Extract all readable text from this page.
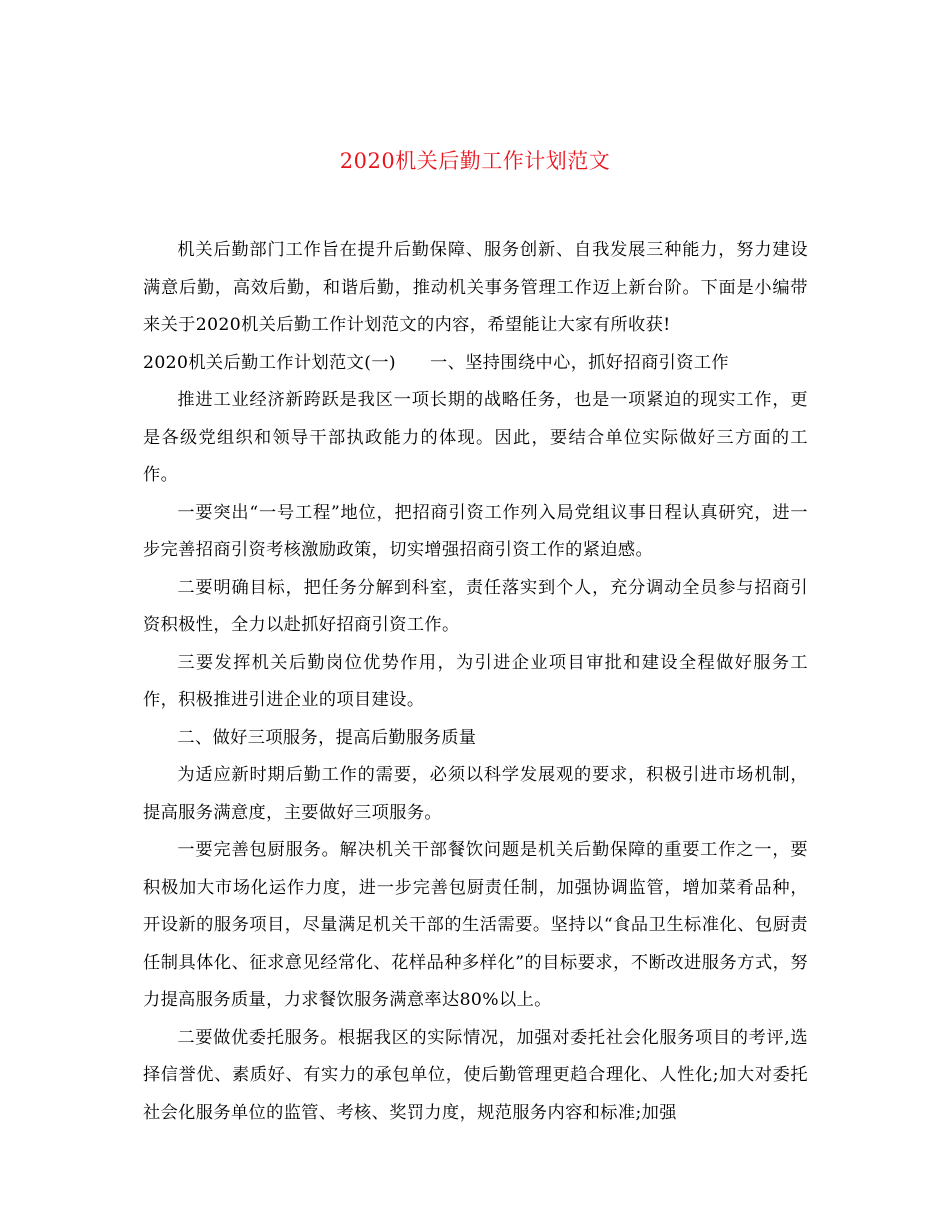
2020机关后勤工作计划范文

机关后勤部门工作旨在提升后勤保障、服务创新、自我发展三种能力，努力建设满意后勤，高效后勤，和谐后勤，推动机关事务管理工作迈上新台阶。下面是小编带来关于2020机关后勤工作计划范文的内容，希望能让大家有所收获!

2020机关后勤工作计划范文(一) 一、坚持围绕中心，抓好招商引资工作

推进工业经济新跨跃是我区一项长期的战略任务，也是一项紧迫的现实工作，更是各级党组织和领导干部执政能力的体现。因此，要结合单位实际做好三方面的工作。

一要突出“一号工程”地位，把招商引资工作列入局党组议事日程认真研究，进一步完善招商引资考核激励政策，切实增强招商引资工作的紧迫感。

二要明确目标，把任务分解到科室，责任落实到个人，充分调动全员参与招商引资积极性，全力以赴抓好招商引资工作。

三要发挥机关后勤岗位优势作用，为引进企业项目审批和建设全程做好服务工作，积极推进引进企业的项目建设。

二、做好三项服务，提高后勤服务质量

为适应新时期后勤工作的需要，必须以科学发展观的要求，积极引进市场机制，提高服务满意度，主要做好三项服务。

一要完善包厨服务。解决机关干部餐饮问题是机关后勤保障的重要工作之一，要积极加大市场化运作力度，进一步完善包厨责任制，加强协调监管，增加菜肴品种，开设新的服务项目，尽量满足机关干部的生活需要。坚持以“食品卫生标准化、包厨责任制具体化、征求意见经常化、花样品种多样化”的目标要求，不断改进服务方式，努力提高服务质量，力求餐饮服务满意率达80%以上。

二要做优委托服务。根据我区的实际情况，加强对委托社会化服务项目的考评,选择信誉优、素质好、有实力的承包单位，使后勤管理更趋合理化、人性化;加大对委托社会化服务单位的监管、考核、奖罚力度，规范服务内容和标准;加强
